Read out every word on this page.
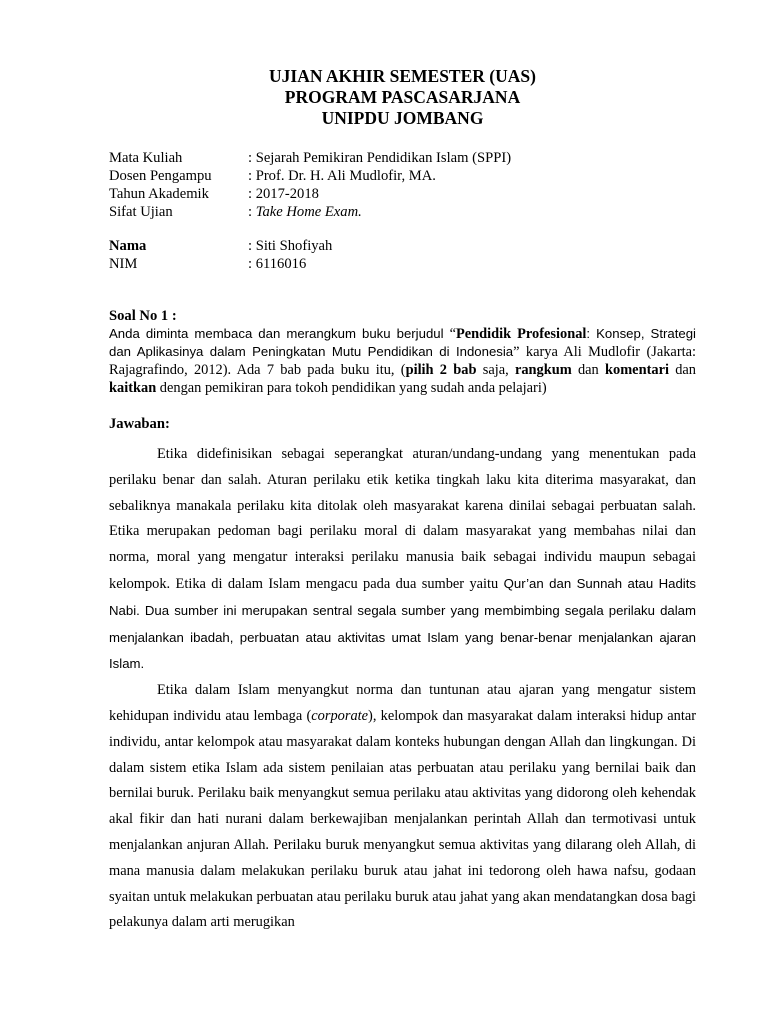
UJIAN AKHIR SEMESTER (UAS)

PROGRAM PASCASARJANA

UNIPDU JOMBANG

Mata Kuliah	: Sejarah Pemikiran Pendidikan Islam (SPPI)
Dosen Pengampu	: Prof. Dr. H. Ali Mudlofir, MA.
Tahun Akademik	: 2017-2018
Sifat Ujian	: Take Home Exam.
Nama	: Siti Shofiyah
NIM	: 6116016
Soal No 1 :
Anda diminta membaca dan merangkum buku berjudul “Pendidik Profesional: Konsep, Strategi dan Aplikasinya dalam Peningkatan Mutu Pendidikan di Indonesia” karya Ali Mudlofir (Jakarta: Rajagrafindo, 2012). Ada 7 bab pada buku itu, (pilih 2 bab saja, rangkum dan komentari dan kaitkan dengan pemikiran para tokoh pendidikan yang sudah anda pelajari)
Jawaban:

Etika didefinisikan sebagai seperangkat aturan/undang-undang yang menentukan pada perilaku benar dan salah. Aturan perilaku etik ketika tingkah laku kita diterima masyarakat, dan sebaliknya manakala perilaku kita ditolak oleh masyarakat karena dinilai sebagai perbuatan salah. Etika merupakan pedoman bagi perilaku moral di dalam masyarakat yang membahas nilai dan norma, moral yang mengatur interaksi perilaku manusia baik sebagai individu maupun sebagai kelompok. Etika di dalam Islam mengacu pada dua sumber yaitu Qur’an dan Sunnah atau Hadits Nabi. Dua sumber ini merupakan sentral segala sumber yang membimbing segala perilaku dalam menjalankan ibadah, perbuatan atau aktivitas umat Islam yang benar-benar menjalankan ajaran Islam.

Etika dalam Islam menyangkut norma dan tuntunan atau ajaran yang mengatur sistem kehidupan individu atau lembaga (corporate), kelompok dan masyarakat dalam interaksi hidup antar individu, antar kelompok atau masyarakat dalam konteks hubungan dengan Allah dan lingkungan. Di dalam sistem etika Islam ada sistem penilaian atas perbuatan atau perilaku yang bernilai baik dan bernilai buruk. Perilaku baik menyangkut semua perilaku atau aktivitas yang didorong oleh kehendak akal fikir dan hati nurani dalam berkewajiban menjalankan perintah Allah dan termotivasi untuk menjalankan anjuran Allah. Perilaku buruk menyangkut semua aktivitas yang dilarang oleh Allah, di mana manusia dalam melakukan perilaku buruk atau jahat ini tedorong oleh hawa nafsu, godaan syaitan untuk melakukan perbuatan atau perilaku buruk atau jahat yang akan mendatangkan dosa bagi pelakunya dalam arti merugikan
